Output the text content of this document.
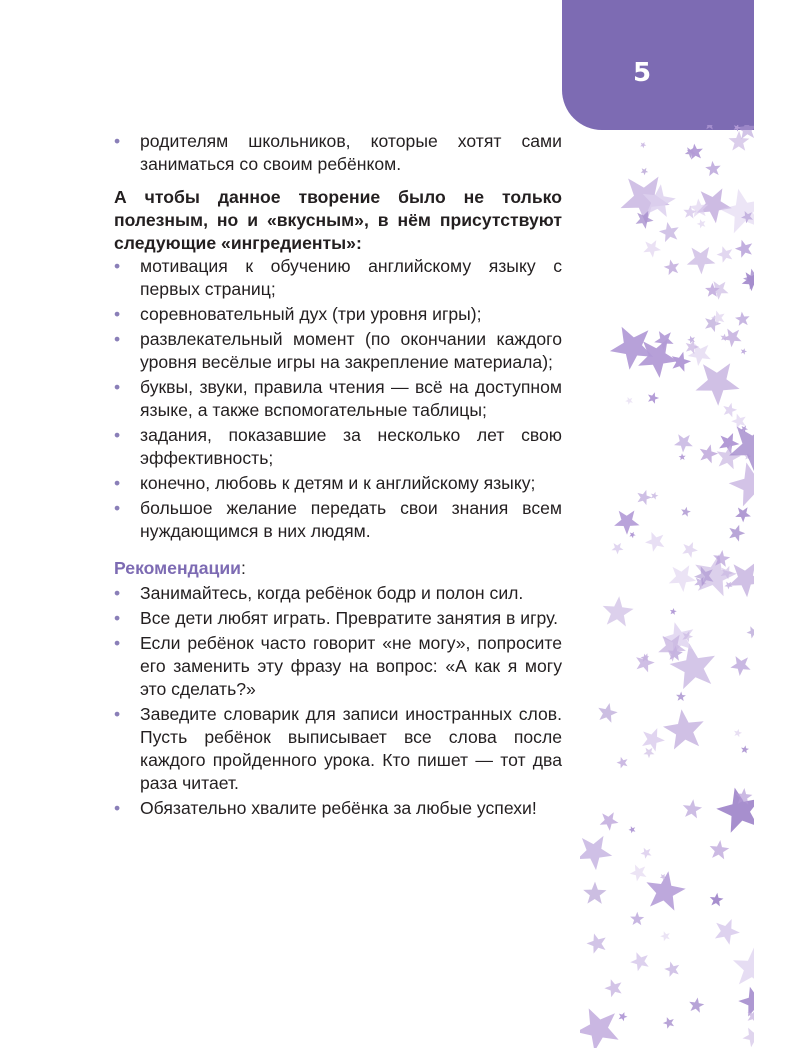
5
• родителям школьников, которые хотят сами заниматься со своим ребёнком.

А чтобы данное творение было не только полезным, но и «вкусным», в нём присутствуют следующие «ингредиенты»:

• мотивация к обучению английскому языку с первых страниц;
• соревновательный дух (три уровня игры);
• развлекательный момент (по окончании каждого уровня весёлые игры на закрепление материала);
• буквы, звуки, правила чтения — всё на доступном языке, а также вспомогательные таблицы;
• задания, показавшие за несколько лет свою эффективность;
• конечно, любовь к детям и к английскому языку;
• большое желание передать свои знания всем нуждающимся в них людям.

Рекомендации:

• Занимайтесь, когда ребёнок бодр и полон сил.
• Все дети любят играть. Превратите занятия в игру.
• Если ребёнок часто говорит «не могу», попросите его заменить эту фразу на вопрос: «А как я могу это сделать?»
• Заведите словарик для записи иностранных слов. Пусть ребёнок выписывает все слова после каждого пройденного урока. Кто пишет — тот два раза читает.
• Обязательно хвалите ребёнка за любые успехи!
